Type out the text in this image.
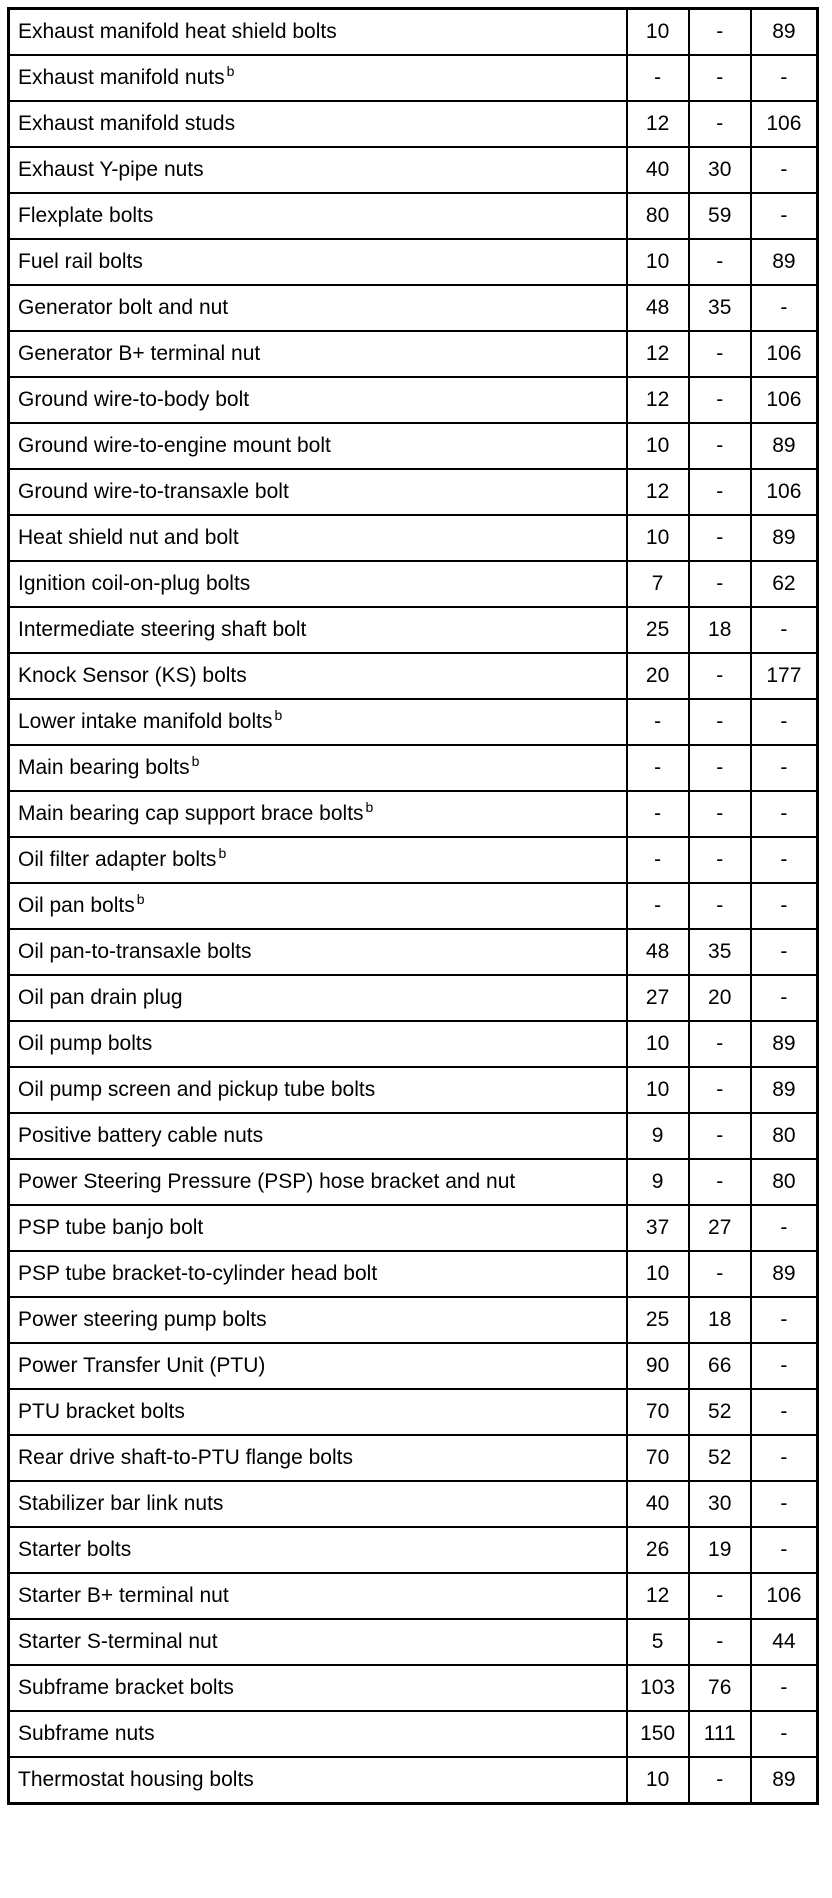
Exhaust manifold heat shield bolts	10	-	89
Exhaust manifold nuts $^b$	-	-	-
Exhaust manifold studs	12	-	106
Exhaust Y-pipe nuts	40	30	-
Flexplate bolts	80	59	-
Fuel rail bolts	10	-	89
Generator bolt and nut	48	35	-
Generator B+ terminal nut	12	-	106
Ground wire-to-body bolt	12	-	106
Ground wire-to-engine mount bolt	10	-	89
Ground wire-to-transaxle bolt	12	-	106
Heat shield nut and bolt	10	-	89
Ignition coil-on-plug bolts	7	-	62
Intermediate steering shaft bolt	25	18	-
Knock Sensor (KS) bolts	20	-	177
Lower intake manifold bolts $^b$	-	-	-
Main bearing bolts $^b$	-	-	-
Main bearing cap support brace bolts $^b$	-	-	-
Oil filter adapter bolts $^b$	-	-	-
Oil pan bolts $^b$	-	-	-
Oil pan-to-transaxle bolts	48	35	-
Oil pan drain plug	27	20	-
Oil pump bolts	10	-	89
Oil pump screen and pickup tube bolts	10	-	89
Positive battery cable nuts	9	-	80
Power Steering Pressure (PSP) hose bracket and nut	9	-	80
PSP tube banjo bolt	37	27	-
PSP tube bracket-to-cylinder head bolt	10	-	89
Power steering pump bolts	25	18	-
Power Transfer Unit (PTU)	90	66	-
PTU bracket bolts	70	52	-
Rear drive shaft-to-PTU flange bolts	70	52	-
Stabilizer bar link nuts	40	30	-
Starter bolts	26	19	-
Starter B+ terminal nut	12	-	106
Starter S-terminal nut	5	-	44
Subframe bracket bolts	103	76	-
Subframe nuts	150	111	-
Thermostat housing bolts	10	-	89
